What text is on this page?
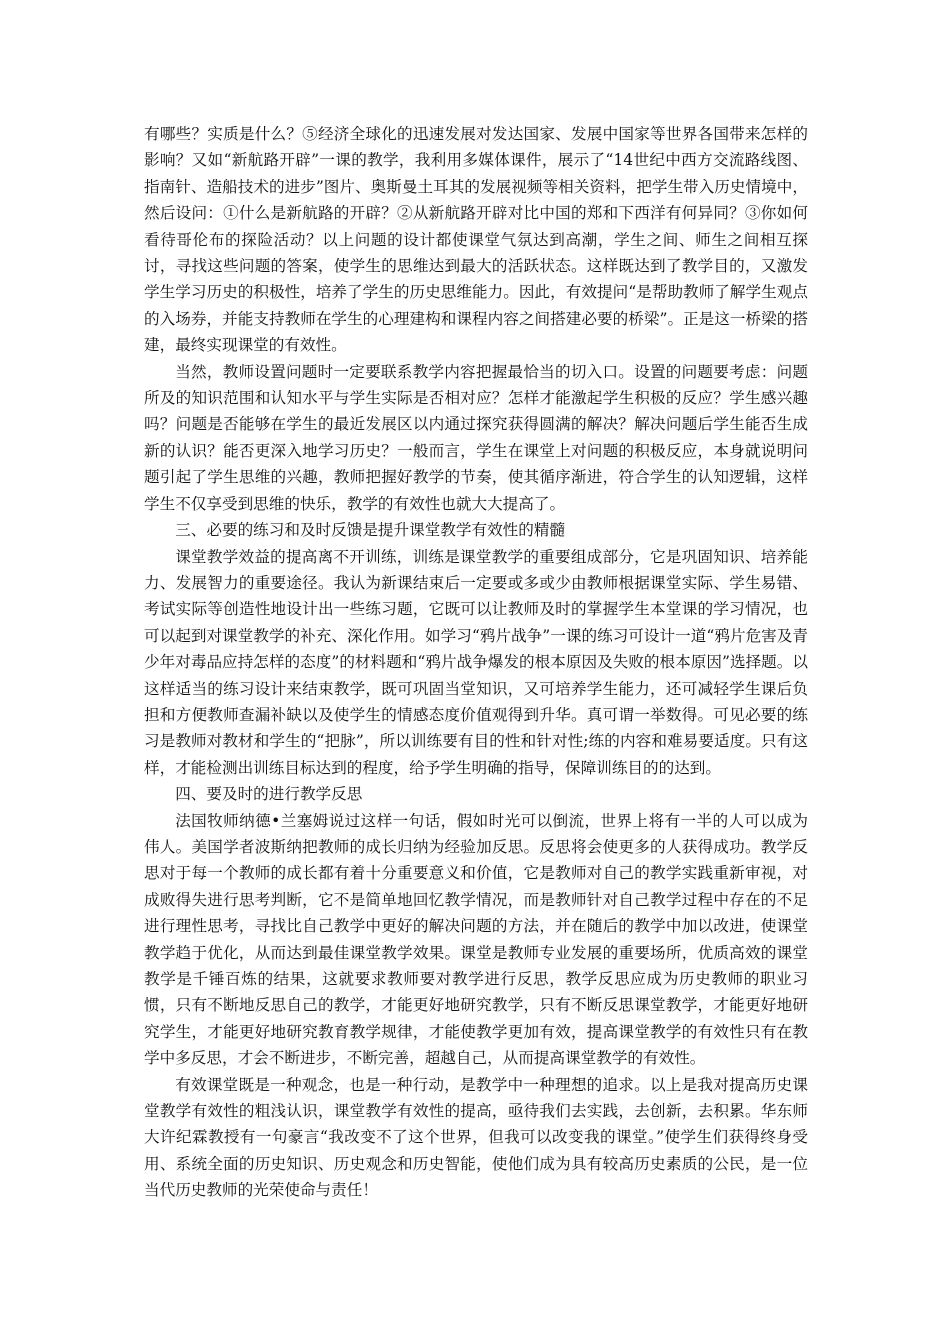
有哪些？实质是什么？⑤经济全球化的迅速发展对发达国家、发展中国家等世界各国带来怎样的影响？又如“新航路开辟”一课的教学，我利用多媒体课件，展示了“14世纪中西方交流路线图、指南针、造船技术的进步”图片、奥斯曼土耳其的发展视频等相关资料，把学生带入历史情境中，然后设问：①什么是新航路的开辟？②从新航路开辟对比中国的郑和下西洋有何异同？③你如何看待哥伦布的探险活动？以上问题的设计都使课堂气氛达到高潮，学生之间、师生之间相互探讨，寻找这些问题的答案，使学生的思维达到最大的活跃状态。这样既达到了教学目的，又激发学生学习历史的积极性，培养了学生的历史思维能力。因此，有效提问“是帮助教师了解学生观点的入场券，并能支持教师在学生的心理建构和课程内容之间搭建必要的桥梁”。正是这一桥梁的搭建，最终实现课堂的有效性。

当然，教师设置问题时一定要联系教学内容把握最恰当的切入口。设置的问题要考虑：问题所及的知识范围和认知水平与学生实际是否相对应？怎样才能激起学生积极的反应？学生感兴趣吗？问题是否能够在学生的最近发展区以内通过探究获得圆满的解决？解决问题后学生能否生成新的认识？能否更深入地学习历史？一般而言，学生在课堂上对问题的积极反应，本身就说明问题引起了学生思维的兴趣，教师把握好教学的节奏，使其循序渐进，符合学生的认知逻辑，这样学生不仅享受到思维的快乐，教学的有效性也就大大提高了。

三、必要的练习和及时反馈是提升课堂教学有效性的精髓

课堂教学效益的提高离不开训练，训练是课堂教学的重要组成部分，它是巩固知识、培养能力、发展智力的重要途径。我认为新课结束后一定要或多或少由教师根据课堂实际、学生易错、考试实际等创造性地设计出一些练习题，它既可以让教师及时的掌握学生本堂课的学习情况，也可以起到对课堂教学的补充、深化作用。如学习“鸦片战争”一课的练习可设计一道“鸦片危害及青少年对毒品应持怎样的态度”的材料题和“鸦片战争爆发的根本原因及失败的根本原因”选择题。以这样适当的练习设计来结束教学，既可巩固当堂知识，又可培养学生能力，还可减轻学生课后负担和方便教师查漏补缺以及使学生的情感态度价值观得到升华。真可谓一举数得。可见必要的练习是教师对教材和学生的“把脉”，所以训练要有目的性和针对性;练的内容和难易要适度。只有这样，才能检测出训练目标达到的程度，给予学生明确的指导，保障训练目的的达到。

四、要及时的进行教学反思

法国牧师纳德•兰塞姆说过这样一句话，假如时光可以倒流，世界上将有一半的人可以成为伟人。美国学者波斯纳把教师的成长归纳为经验加反思。反思将会使更多的人获得成功。教学反思对于每一个教师的成长都有着十分重要意义和价值，它是教师对自己的教学实践重新审视，对成败得失进行思考判断，它不是简单地回忆教学情况，而是教师针对自己教学过程中存在的不足进行理性思考，寻找比自己教学中更好的解决问题的方法，并在随后的教学中加以改进，使课堂教学趋于优化，从而达到最佳课堂教学效果。课堂是教师专业发展的重要场所，优质高效的课堂教学是千锤百炼的结果，这就要求教师要对教学进行反思，教学反思应成为历史教师的职业习惯，只有不断地反思自己的教学，才能更好地研究教学，只有不断反思课堂教学，才能更好地研究学生，才能更好地研究教育教学规律，才能使教学更加有效，提高课堂教学的有效性只有在教学中多反思，才会不断进步，不断完善，超越自己，从而提高课堂教学的有效性。

有效课堂既是一种观念，也是一种行动，是教学中一种理想的追求。以上是我对提高历史课堂教学有效性的粗浅认识，课堂教学有效性的提高，亟待我们去实践，去创新，去积累。华东师大许纪霖教授有一句豪言“我改变不了这个世界，但我可以改变我的课堂。”使学生们获得终身受用、系统全面的历史知识、历史观念和历史智能，使他们成为具有较高历史素质的公民，是一位当代历史教师的光荣使命与责任！
